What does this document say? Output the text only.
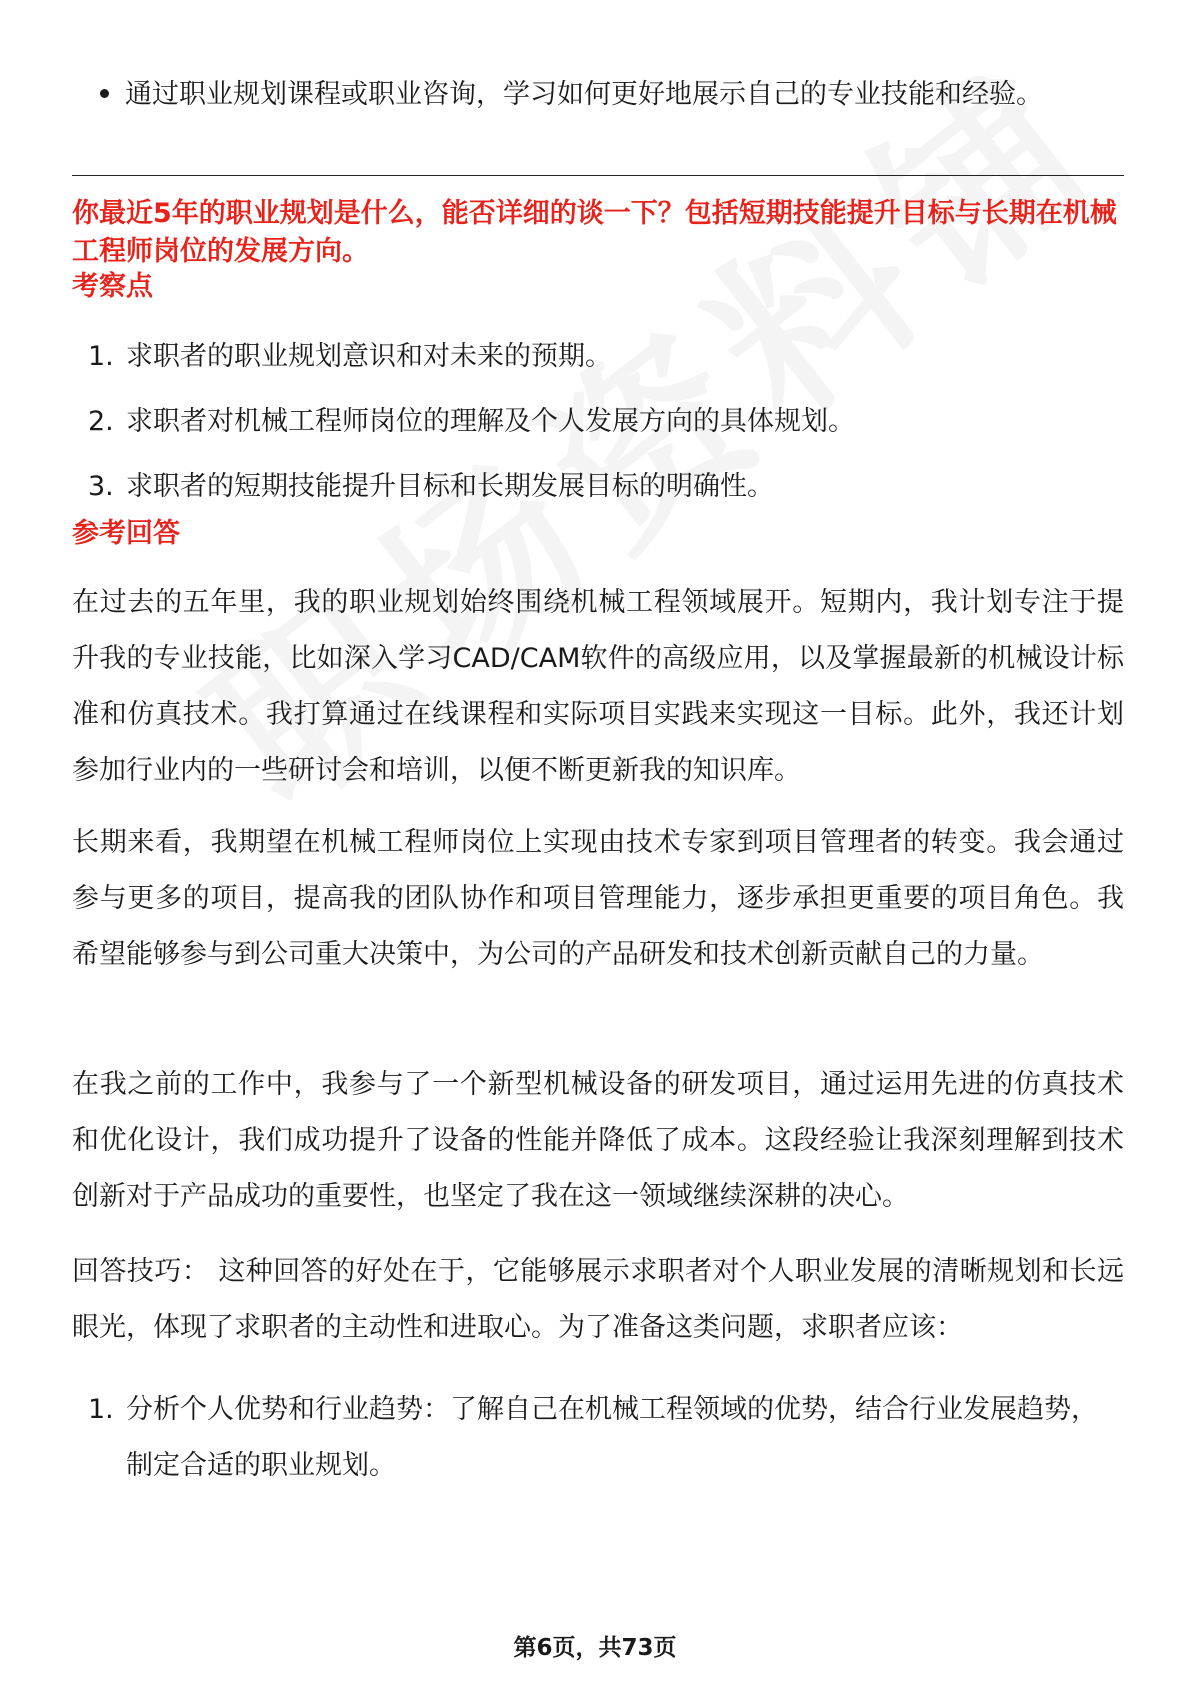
通过职业规划课程或职业咨询，学习如何更好地展示自己的专业技能和经验。

你最近5年的职业规划是什么，能否详细的谈一下？包括短期技能提升目标与长期在机械工程师岗位的发展方向。

考察点

1. 求职者的职业规划意识和对未来的预期。
2. 求职者对机械工程师岗位的理解及个人发展方向的具体规划。
3. 求职者的短期技能提升目标和长期发展目标的明确性。

参考回答

在过去的五年里，我的职业规划始终围绕机械工程领域展开。短期内，我计划专注于提升我的专业技能，比如深入学习CAD/CAM软件的高级应用，以及掌握最新的机械设计标准和仿真技术。我打算通过在线课程和实际项目实践来实现这一目标。此外，我还计划参加行业内的一些研讨会和培训，以便不断更新我的知识库。

长期来看，我期望在机械工程师岗位上实现由技术专家到项目管理者的转变。我会通过参与更多的项目，提高我的团队协作和项目管理能力，逐步承担更重要的项目角色。我希望能够参与到公司重大决策中，为公司的产品研发和技术创新贡献自己的力量。

在我之前的工作中，我参与了一个新型机械设备的研发项目，通过运用先进的仿真技术和优化设计，我们成功提升了设备的性能并降低了成本。这段经验让我深刻理解到技术创新对于产品成功的重要性，也坚定了我在这一领域继续深耕的决心。

回答技巧： 这种回答的好处在于，它能够展示求职者对个人职业发展的清晰规划和长远眼光，体现了求职者的主动性和进取心。为了准备这类问题，求职者应该：

1. 分析个人优势和行业趋势：了解自己在机械工程领域的优势，结合行业发展趋势，制定合适的职业规划。
第6页，共73页
